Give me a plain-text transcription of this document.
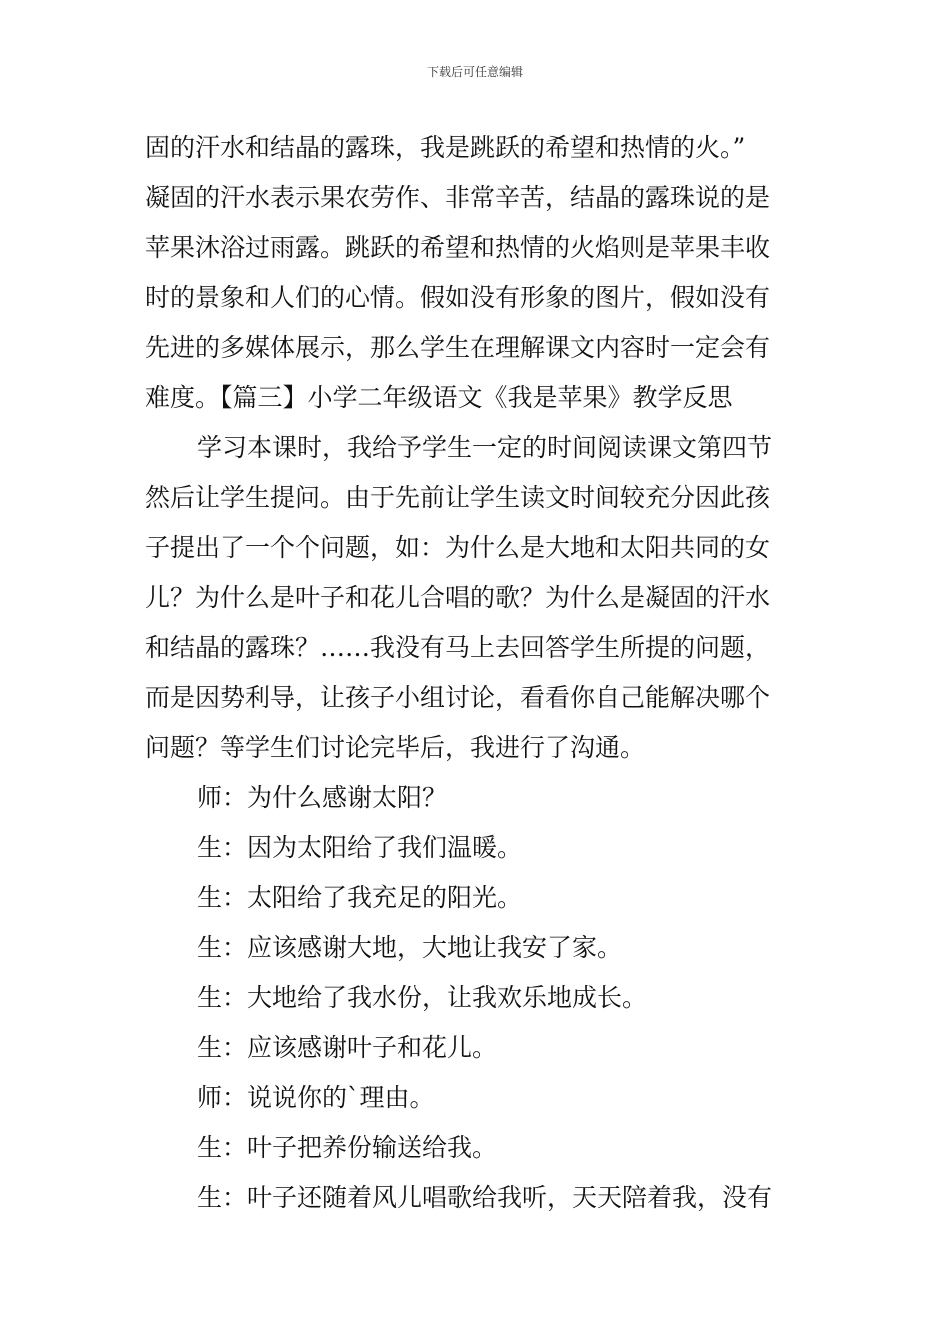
下载后可任意编辑
固的汗水和结晶的露珠，我是跳跃的希望和热情的火。”
凝固的汗水表示果农劳作、非常辛苦，结晶的露珠说的是
苹果沐浴过雨露。跳跃的希望和热情的火焰则是苹果丰收
时的景象和人们的心情。假如没有形象的图片，假如没有
先进的多媒体展示，那么学生在理解课文内容时一定会有
难度。【篇三】小学二年级语文《我是苹果》教学反思
学习本课时，我给予学生一定的时间阅读课文第四节
然后让学生提问。由于先前让学生读文时间较充分因此孩
子提出了一个个问题，如：为什么是大地和太阳共同的女
儿？为什么是叶子和花儿合唱的歌？为什么是凝固的汗水
和结晶的露珠？……我没有马上去回答学生所提的问题，
而是因势利导，让孩子小组讨论，看看你自己能解决哪个
问题？等学生们讨论完毕后，我进行了沟通。
师：为什么感谢太阳？
生：因为太阳给了我们温暖。
生：太阳给了我充足的阳光。
生：应该感谢大地，大地让我安了家。
生：大地给了我水份，让我欢乐地成长。
生：应该感谢叶子和花儿。
师：说说你的`理由。
生：叶子把养份输送给我。
生：叶子还随着风儿唱歌给我听，天天陪着我，没有
